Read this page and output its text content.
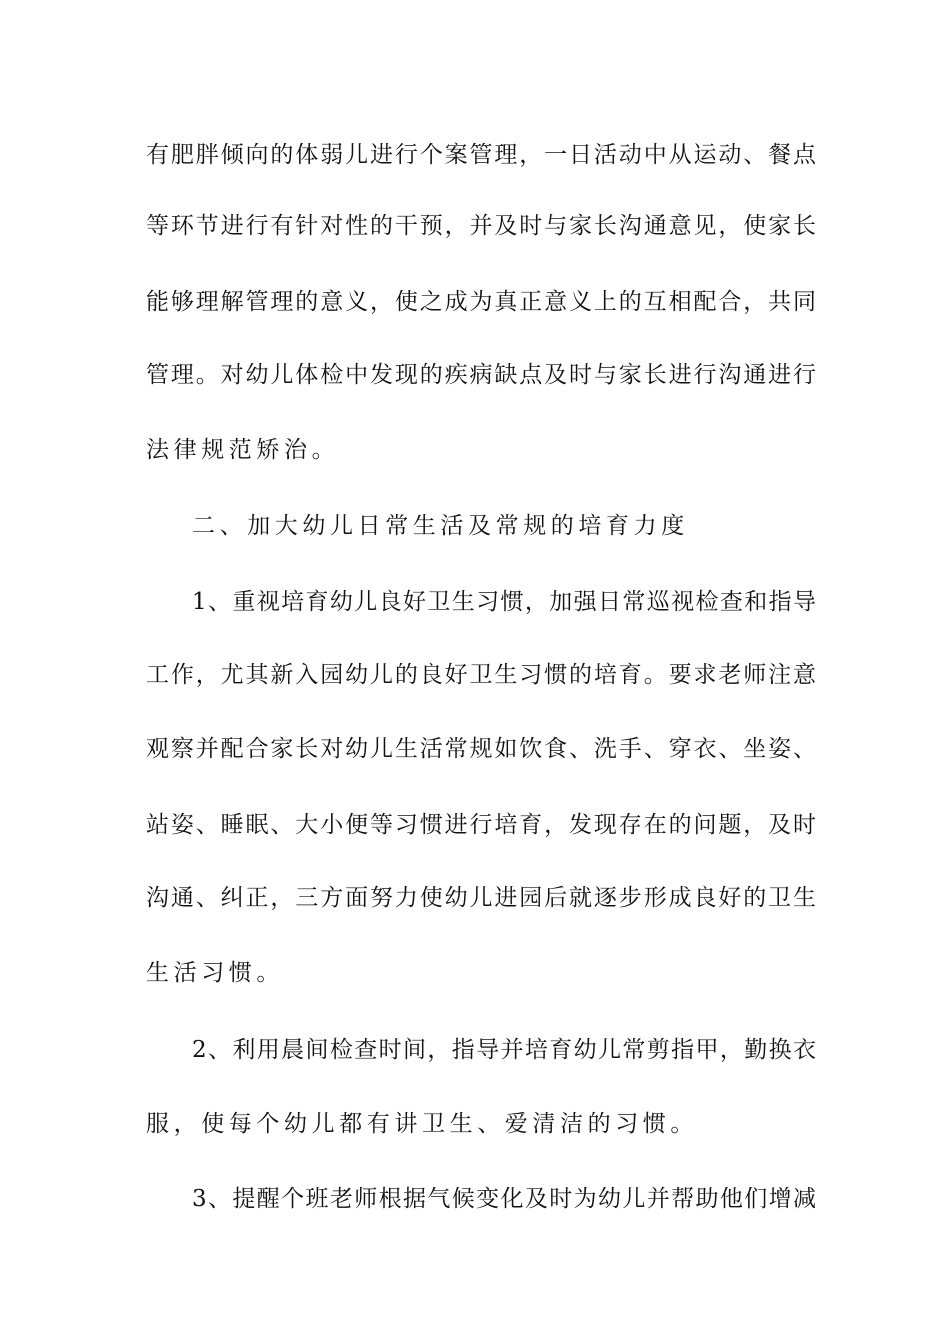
有肥胖倾向的体弱儿进行个案管理，一日活动中从运动、餐点
等环节进行有针对性的干预，并及时与家长沟通意见，使家长
能够理解管理的意义，使之成为真正意义上的互相配合，共同
管理。对幼儿体检中发现的疾病缺点及时与家长进行沟通进行
法律规范矫治。
二、加大幼儿日常生活及常规的培育力度
1、重视培育幼儿良好卫生习惯，加强日常巡视检查和指导
工作，尤其新入园幼儿的良好卫生习惯的培育。要求老师注意
观察并配合家长对幼儿生活常规如饮食、洗手、穿衣、坐姿、
站姿、睡眠、大小便等习惯进行培育，发现存在的问题，及时
沟通、纠正，三方面努力使幼儿进园后就逐步形成良好的卫生
生活习惯。
2、利用晨间检查时间，指导并培育幼儿常剪指甲，勤换衣
服，使每个幼儿都有讲卫生、爱清洁的习惯。
3、提醒个班老师根据气候变化及时为幼儿并帮助他们增减
